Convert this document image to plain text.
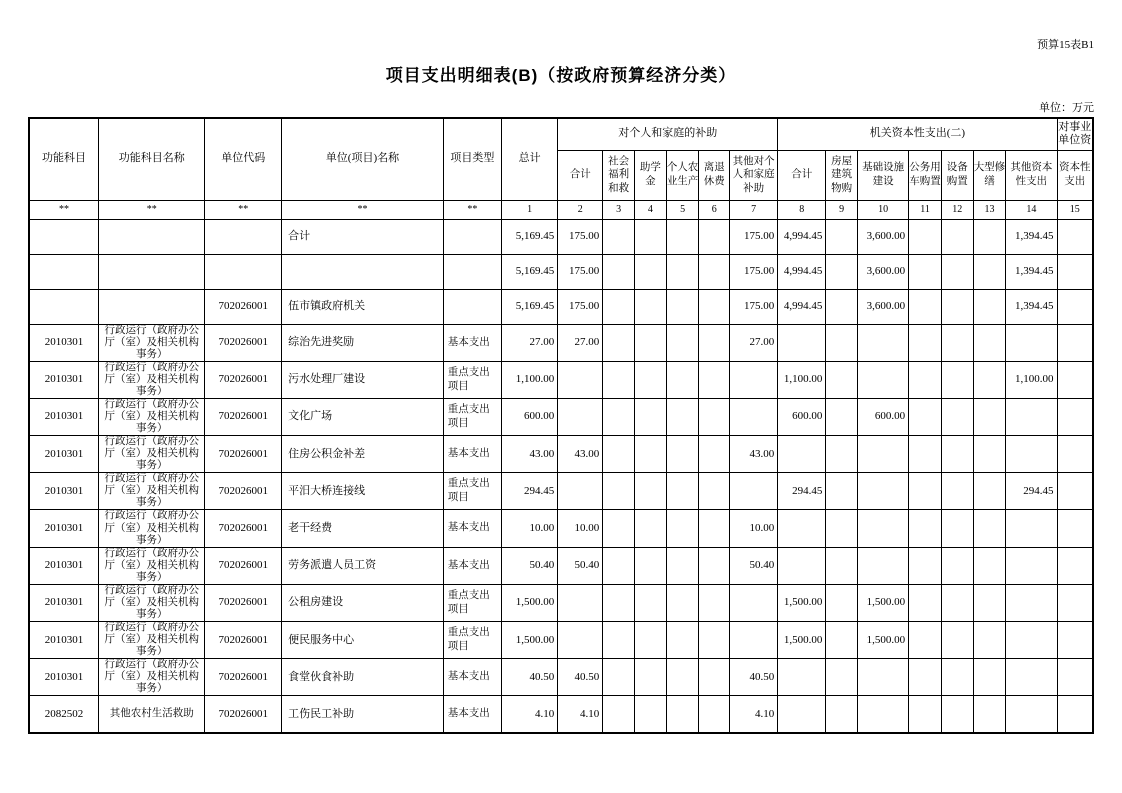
预算15表B1
项目支出明细表(B)（按政府预算经济分类）
单位：万元
功能科目	功能科目名称	单位代码	单位(项目)名称	项目类型	总计	对个人和家庭的补助						机关资本性支出(二)							对事业单位资
						合计	社会福利和救	助学金	个人农业生产	离退休费	其他对个人和家庭补助	合计	房屋建筑物购	基础设施建设	公务用车购置	设备购置	大型修缮	其他资本性支出	资本性支出
**	**	**	**	**	1	2	3	4	5	6	7	8	9	10	11	12	13	14	15
			合计		5,169.45	175.00					175.00	4,994.45		3,600.00				1,394.45	
					5,169.45	175.00					175.00	4,994.45		3,600.00				1,394.45	
		702026001	伍市镇政府机关		5,169.45	175.00					175.00	4,994.45		3,600.00				1,394.45	
2010301	行政运行（政府办公厅（室）及相关机构事务）	702026001	综治先进奖励	基本支出	27.00	27.00					27.00								
2010301	行政运行（政府办公厅（室）及相关机构事务）	702026001	污水处理厂建设	重点支出项目	1,100.00							1,100.00						1,100.00	
2010301	行政运行（政府办公厅（室）及相关机构事务）	702026001	文化广场	重点支出项目	600.00							600.00		600.00					
2010301	行政运行（政府办公厅（室）及相关机构事务）	702026001	住房公积金补差	基本支出	43.00	43.00					43.00								
2010301	行政运行（政府办公厅（室）及相关机构事务）	702026001	平汨大桥连接线	重点支出项目	294.45							294.45						294.45	
2010301	行政运行（政府办公厅（室）及相关机构事务）	702026001	老干经费	基本支出	10.00	10.00					10.00								
2010301	行政运行（政府办公厅（室）及相关机构事务）	702026001	劳务派遣人员工资	基本支出	50.40	50.40					50.40								
2010301	行政运行（政府办公厅（室）及相关机构事务）	702026001	公租房建设	重点支出项目	1,500.00							1,500.00		1,500.00					
2010301	行政运行（政府办公厅（室）及相关机构事务）	702026001	便民服务中心	重点支出项目	1,500.00							1,500.00		1,500.00					
2010301	行政运行（政府办公厅（室）及相关机构事务）	702026001	食堂伙食补助	基本支出	40.50	40.50					40.50								
2082502	其他农村生活救助	702026001	工伤民工补助	基本支出	4.10	4.10					4.10								
